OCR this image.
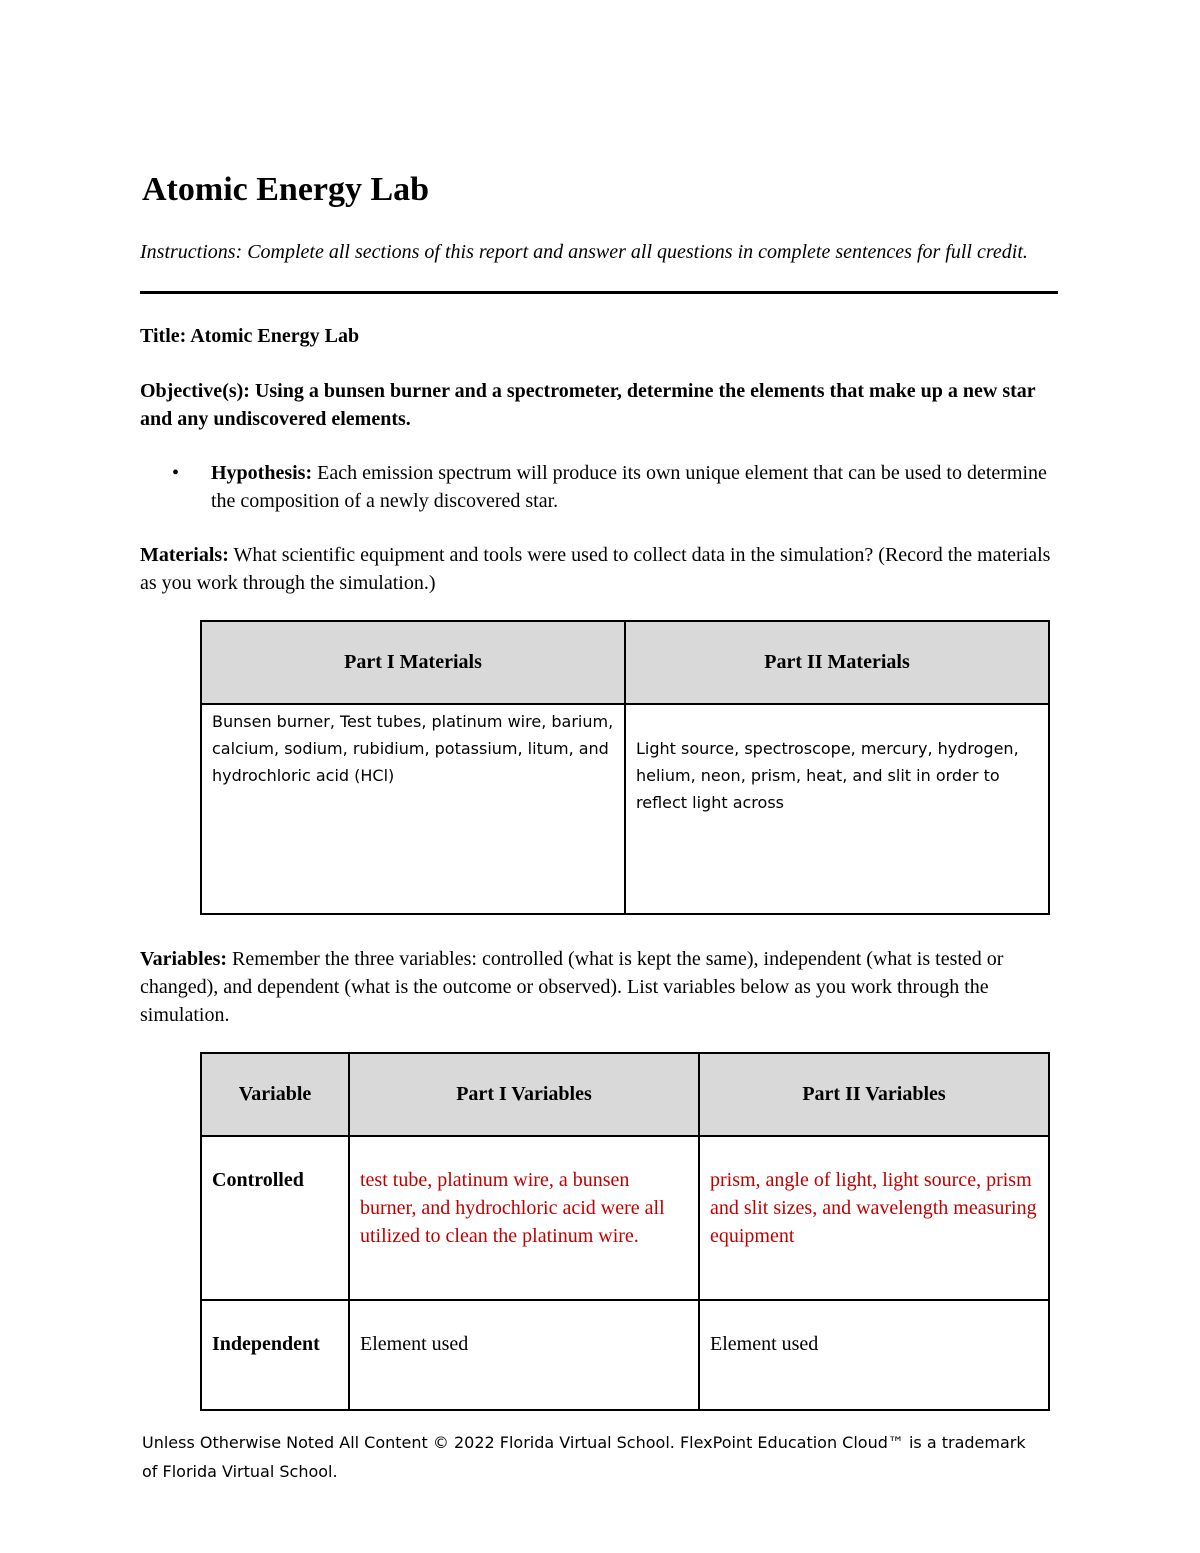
Atomic Energy Lab

Instructions: Complete all sections of this report and answer all questions in complete sentences for full credit.

Title: Atomic Energy Lab

Objective(s): Using a bunsen burner and a spectrometer, determine the elements that make up a new star and any undiscovered elements.

• Hypothesis: Each emission spectrum will produce its own unique element that can be used to determine the composition of a newly discovered star.

Materials: What scientific equipment and tools were used to collect data in the simulation? (Record the materials as you work through the simulation.)

Part I Materials	Part II Materials

Bunsen burner, Test tubes, platinum wire, barium, calcium, sodium, rubidium, potassium, litum, and hydrochloric acid (HCl)	Light source, spectroscope, mercury, hydrogen, helium, neon, prism, heat, and slit in order to reflect light across

Variables: Remember the three variables: controlled (what is kept the same), independent (what is tested or changed), and dependent (what is the outcome or observed). List variables below as you work through the simulation.

Variable	Part I Variables	Part II Variables

Controlled	test tube, platinum wire, a bunsen burner, and hydrochloric acid were all utilized to clean the platinum wire.	prism, angle of light, light source, prism and slit sizes, and wavelength measuring equipment

Independent	Element used	Element used

Unless Otherwise Noted All Content © 2022 Florida Virtual School. FlexPoint Education Cloud™ is a trademark of Florida Virtual School.
